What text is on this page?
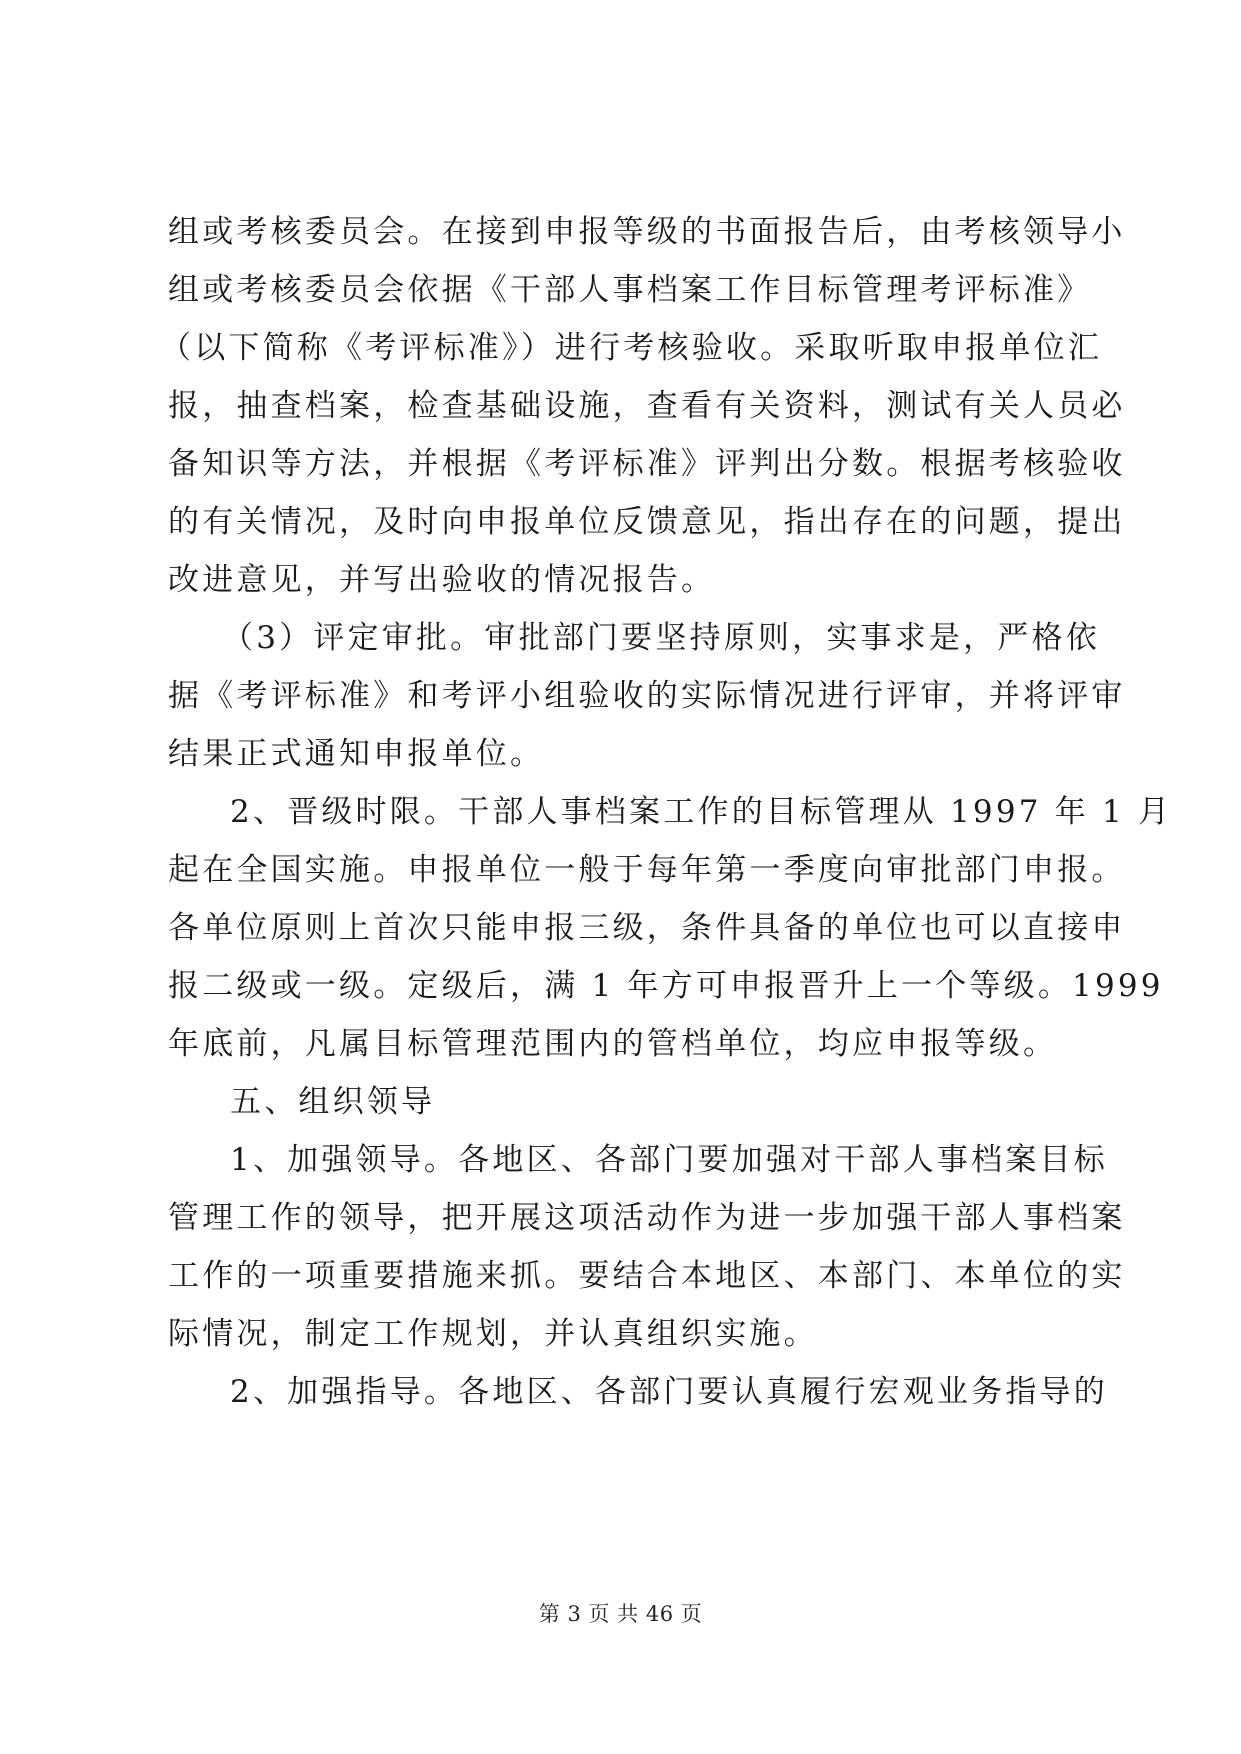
组或考核委员会。在接到申报等级的书面报告后，由考核领导小
组或考核委员会依据《干部人事档案工作目标管理考评标准》
（以下简称《考评标准》）进行考核验收。采取听取申报单位汇
报，抽查档案，检查基础设施，查看有关资料，测试有关人员必
备知识等方法，并根据《考评标准》评判出分数。根据考核验收
的有关情况，及时向申报单位反馈意见，指出存在的问题，提出
改进意见，并写出验收的情况报告。
（3）评定审批。审批部门要坚持原则，实事求是，严格依
据《考评标准》和考评小组验收的实际情况进行评审，并将评审
结果正式通知申报单位。
2、晋级时限。干部人事档案工作的目标管理从 1997 年 1 月
起在全国实施。申报单位一般于每年第一季度向审批部门申报。
各单位原则上首次只能申报三级，条件具备的单位也可以直接申
报二级或一级。定级后，满 1 年方可申报晋升上一个等级。1999
年底前，凡属目标管理范围内的管档单位，均应申报等级。
五、组织领导
1、加强领导。各地区、各部门要加强对干部人事档案目标
管理工作的领导，把开展这项活动作为进一步加强干部人事档案
工作的一项重要措施来抓。要结合本地区、本部门、本单位的实
际情况，制定工作规划，并认真组织实施。
2、加强指导。各地区、各部门要认真履行宏观业务指导的
第 3 页 共 46 页
